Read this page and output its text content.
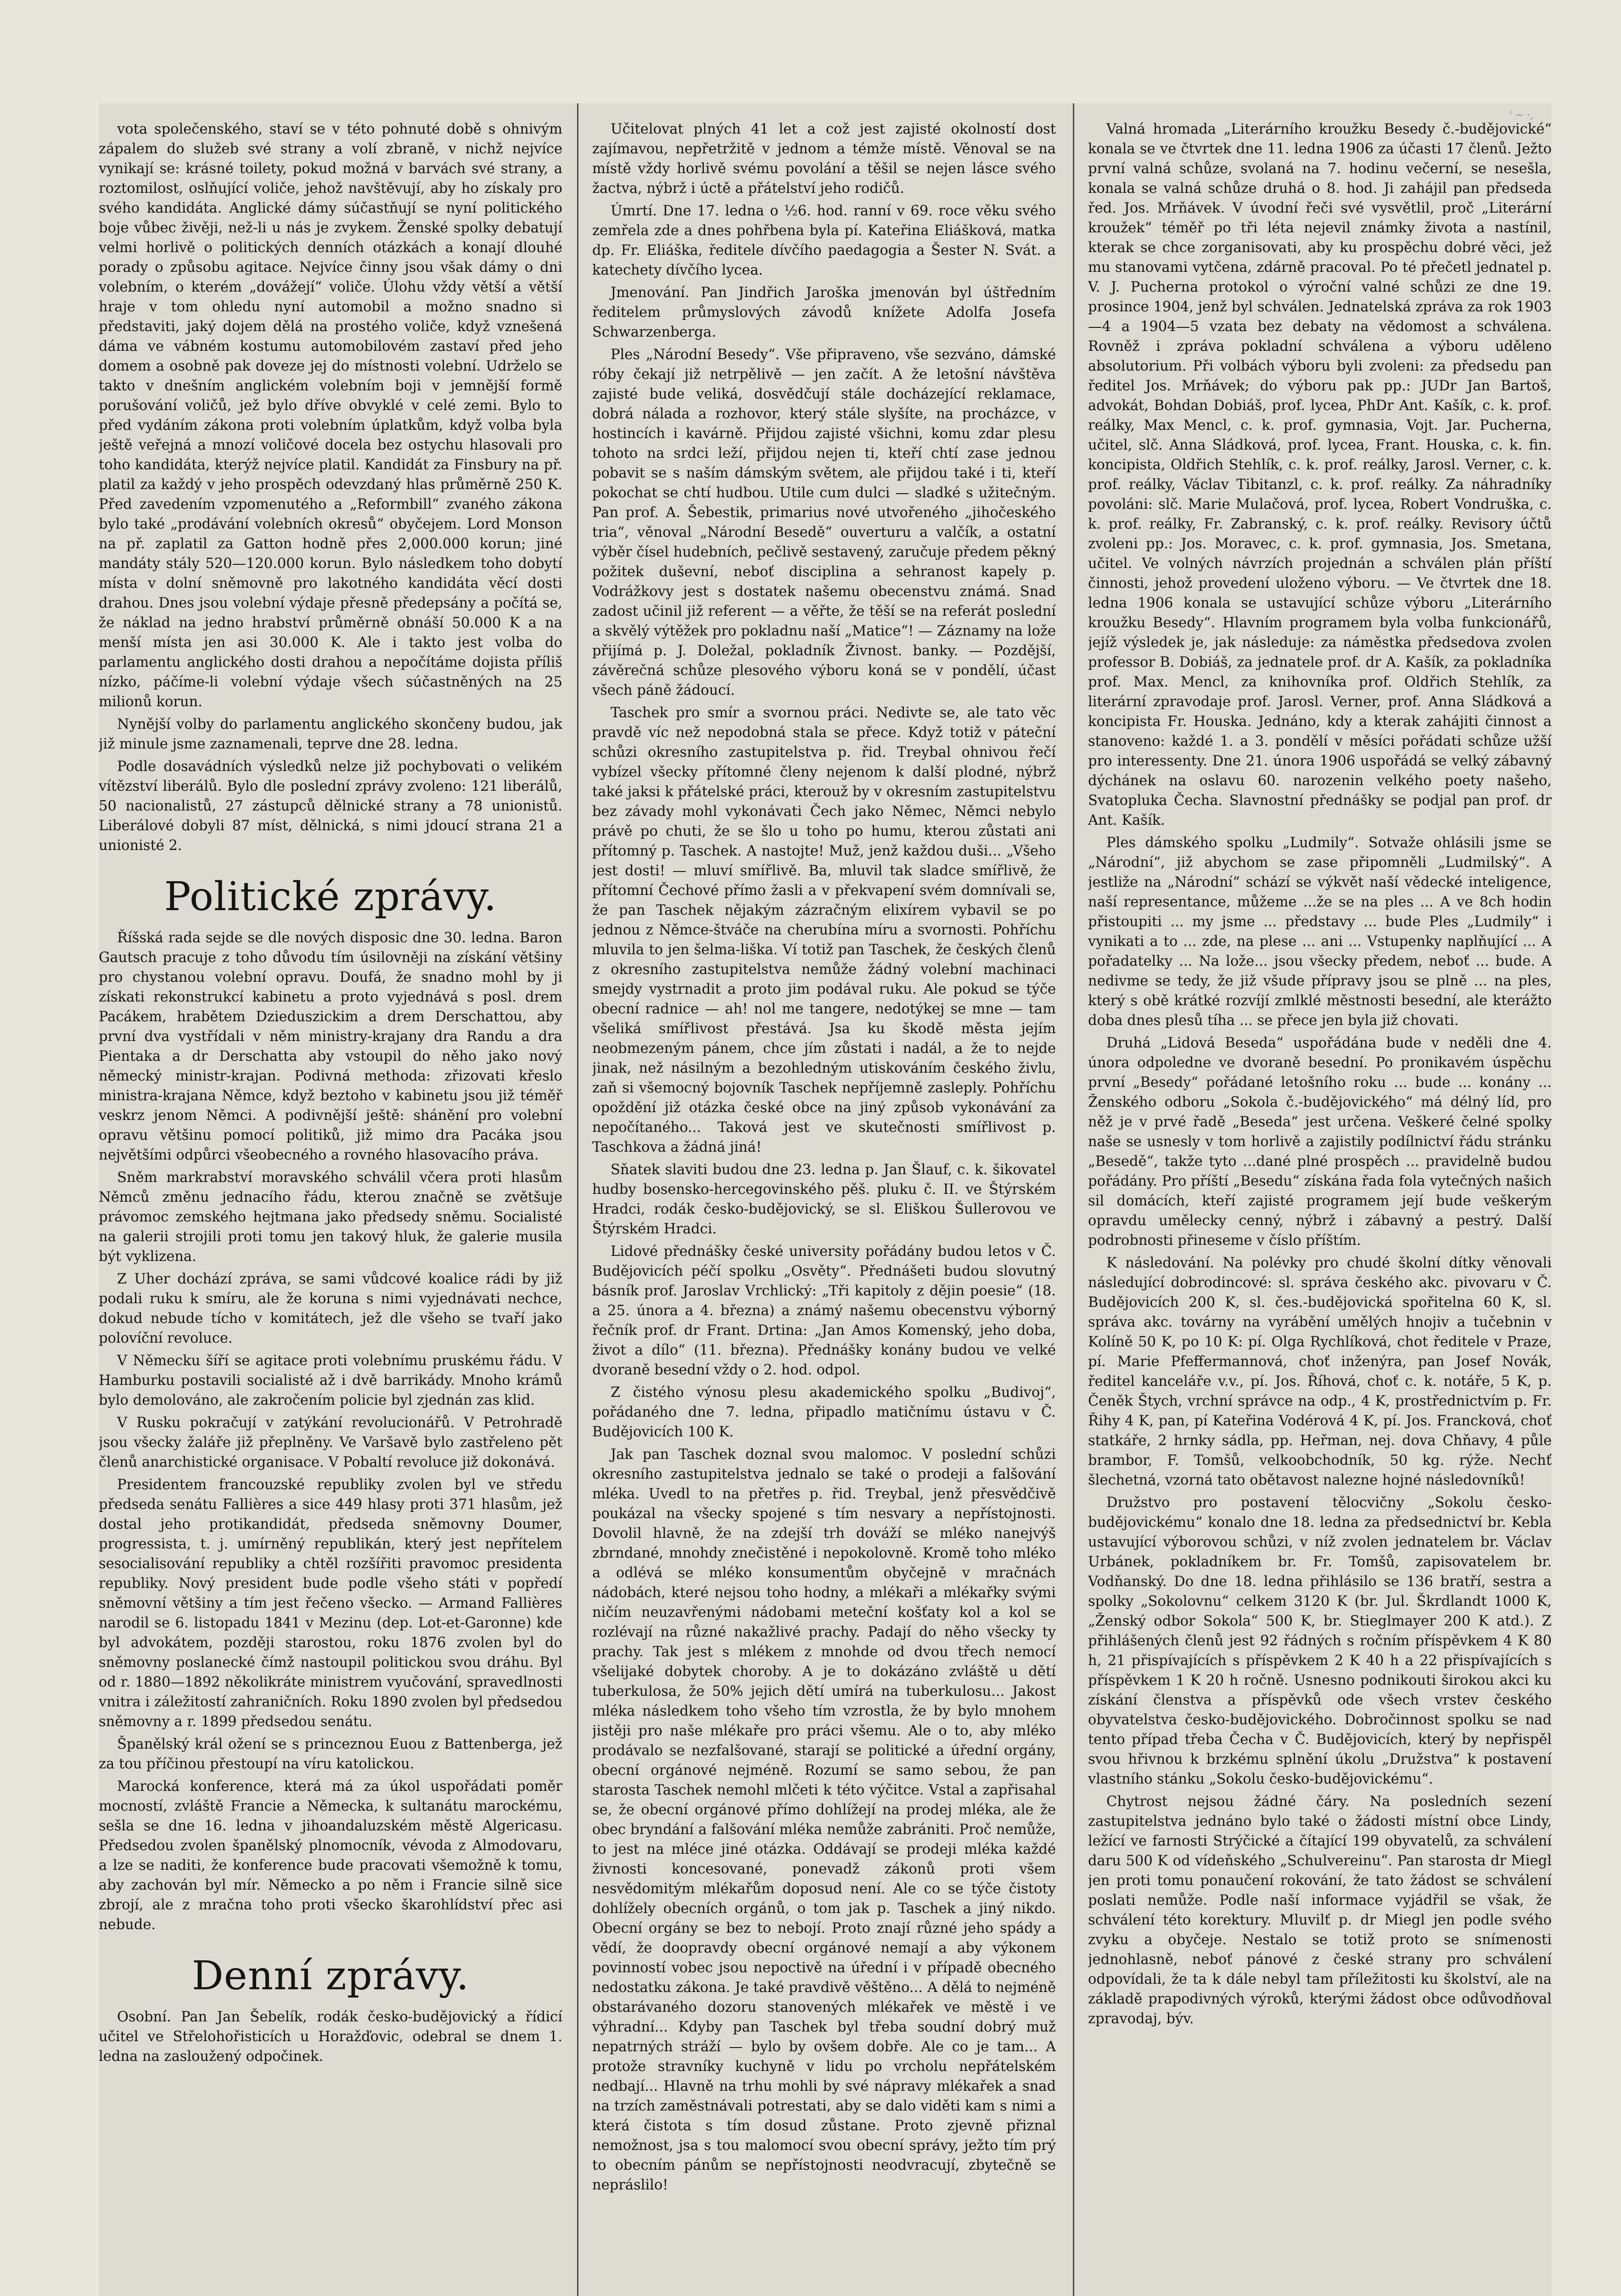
' ~ ·,

vota společenského, staví se v této pohnuté době s ohnivým zápalem do služeb své strany a volí zbraně, v nichž nejvíce vynikají se: krásné toilety, pokud možná v barvách své strany, a roztomilost, oslňující voliče, jehož navštěvují, aby ho získaly pro svého kandidáta. Anglické dámy súčastňují se nyní politického boje vůbec živěji, než-li u nás je zvykem. Ženské spolky debatují velmi horlivě o politických denních otázkách a konají dlouhé porady o způsobu agitace. Nejvíce činny jsou však dámy o dni volebním, o kterém „dovážejí“ voliče. Úlohu vždy větší a větší hraje v tom ohledu nyní automobil a možno snadno si představiti, jaký dojem dělá na prostého voliče, když vznešená dáma ve vábném kostumu automobilovém zastaví před jeho domem a osobně pak doveze jej do místnosti volební. Udrželo se takto v dnešním anglickém volebním boji v jemnější formě porušování voličů, jež bylo dříve obvyklé v celé zemi. Bylo to před vydáním zákona proti volebním úplatkům, když volba byla ještě veřejná a mnozí voličové docela bez ostychu hlasovali pro toho kandidáta, kterýž nejvíce platil. Kandidát za Finsbury na př. platil za každý v jeho prospěch odevzdaný hlas průměrně 250 K. Před zavedením vzpomenutého a „Reformbill“ zvaného zákona bylo také „prodávání volebních okresů“ obyčejem. Lord Monson na př. zaplatil za Gatton hodně přes 2,000.000 korun; jiné mandáty stály 520—120.000 korun. Bylo následkem toho dobytí místa v dolní sněmovně pro lakotného kandidáta věcí dosti drahou. Dnes jsou volební výdaje přesně předepsány a počítá se, že náklad na jedno hrabství průměrně obnáší 50.000 K a na menší místa jen asi 30.000 K. Ale i takto jest volba do parlamentu anglického dosti drahou a nepočítáme dojista příliš nízko, páčíme-li volební výdaje všech súčastněných na 25 milionů korun.

Nynější volby do parlamentu anglického skončeny budou, jak již minule jsme zaznamenali, teprve dne 28. ledna.

Podle dosavádních výsledků nelze již pochybovati o velikém vítězství liberálů. Bylo dle poslední zprávy zvoleno: 121 liberálů, 50 nacionalistů, 27 zástupců dělnické strany a 78 unionistů. Liberálové dobyli 87 míst, dělnická, s nimi jdoucí strana 21 a unionisté 2.

Politické zprávy.

Říšská rada sejde se dle nových disposic dne 30. ledna. Baron Gautsch pracuje z toho důvodu tím úsilovněji na získání většiny pro chystanou volební opravu. Doufá, že snadno mohl by ji získati rekonstrukcí kabinetu a proto vyjednává s posl. drem Pacákem, hrabětem Dzieduszickim a drem Derschattou, aby první dva vystřídali v něm ministry-krajany dra Randu a dra Pientaka a dr Derschatta aby vstoupil do něho jako nový německý ministr-krajan. Podivná methoda: zřizovati křeslo ministra-krajana Němce, když beztoho v kabinetu jsou již téměř veskrz jenom Němci. A podivnější ještě: shánění pro volební opravu většinu pomocí politiků, již mimo dra Pacáka jsou největšími odpůrci všeobecného a rovného hlasovacího práva.

Sněm markrabství moravského schválil včera proti hlasům Němců změnu jednacího řádu, kterou značně se zvětšuje právomoc zemského hejtmana jako předsedy sněmu. Socialisté na galerii strojili proti tomu jen takový hluk, že galerie musila být vyklizena.

Z Uher dochází zpráva, se sami vůdcové koalice rádi by již podali ruku k smíru, ale že koruna s nimi vyjednávati nechce, dokud nebude tícho v komitátech, jež dle všeho se tvaří jako polovíční revoluce.

V Německu šíří se agitace proti volebnímu pruskému řádu. V Hamburku postavili socialisté až i dvě barrikády. Mnoho krámů bylo demolováno, ale zakročením policie byl zjednán zas klid.

V Rusku pokračují v zatýkání revolucionářů. V Petrohradě jsou všecky žaláře již přeplněny. Ve Varšavě bylo zastřeleno pět členů anarchistické organisace. V Pobaltí revoluce již dokonává.

Presidentem francouzské republiky zvolen byl ve středu předseda senátu Fallières a sice 449 hlasy proti 371 hlasům, jež dostal jeho protikandidát, předseda sněmovny Doumer, progressista, t. j. umírněný republikán, který jest nepřítelem sesocialisování republiky a chtěl rozšířiti pravomoc presidenta republiky. Nový president bude podle všeho státi v popředí sněmovní většiny a tím jest řečeno všecko. — Armand Fallières narodil se 6. listopadu 1841 v Mezinu (dep. Lot-et-Garonne) kde byl advokátem, později starostou, roku 1876 zvolen byl do sněmovny poslanecké čímž nastoupil politickou svou dráhu. Byl od r. 1880—1892 několikráte ministrem vyučování, spravedlnosti vnitra i záležitostí zahraničních. Roku 1890 zvolen byl předsedou sněmovny a r. 1899 předsedou senátu.

Španělský král ožení se s princeznou Euou z Battenberga, jež za tou příčinou přestoupí na víru katolickou.

Marocká konference, která má za úkol uspořádati poměr mocností, zvláště Francie a Německa, k sultanátu marockému, sešla se dne 16. ledna v jihoandaluzském městě Algericasu. Předsedou zvolen španělský plnomocník, vévoda z Almodovaru, a lze se naditi, že konference bude pracovati všemožně k tomu, aby zachován byl mír. Německo a po něm i Francie silně sice zbrojí, ale z mračna toho proti všecko škarohlídství přec asi nebude.

Denní zprávy.

Osobní. Pan Jan Šebelík, rodák česko-budějovický a řídicí učitel ve Střelohořisticích u Horažďovic, odebral se dnem 1. ledna na zasloužený odpočinek.

Učitelovat plných 41 let a což jest zajisté okolností dost zajímavou, nepřetržitě v jednom a témže místě. Věnoval se na místě vždy horlivě svému povolání a těšil se nejen lásce svého žactva, nýbrž i úctě a přátelství jeho rodičů.

Úmrtí. Dne 17. ledna o ½6. hod. ranní v 69. roce věku svého zemřela zde a dnes pohřbena byla pí. Kateřina Eliášková, matka dp. Fr. Eliáška, ředitele dívčího paedagogia a Šester N. Svát. a katechety dívčího lycea.

Jmenování. Pan Jindřich Jaroška jmenován byl úštředním ředitelem průmyslových závodů knížete Adolfa Josefa Schwarzenberga.

Ples „Národní Besedy“. Vše připraveno, vše sezváno, dámské róby čekají již netrpělivě — jen začít. A že letošní návštěva zajisté bude veliká, dosvědčují stále docházející reklamace, dobrá nálada a rozhovor, který stále slyšíte, na procházce, v hostincích i kavárně. Přijdou zajisté všichni, komu zdar plesu tohoto na srdci leží, přijdou nejen ti, kteří chtí zase jednou pobavit se s naším dámským světem, ale přijdou také i ti, kteří pokochat se chtí hudbou. Utile cum dulci — sladké s užitečným. Pan prof. A. Šebestik, primarius nové utvořeného „jihočeského tria“, věnoval „Národní Besedě“ ouverturu a valčík, a ostatní výběr čísel hudebních, pečlivě sestavený, zaručuje předem pěkný požitek duševní, neboť disciplina a sehranost kapely p. Vodrážkovy jest s dostatek našemu obecenstvu známá. Snad zadost učinil již referent — a věřte, že těší se na referát poslední a skvělý výtěžek pro pokladnu naší „Matice“! — Záznamy na lože přijímá p. J. Doležal, pokladník Živnost. banky. — Pozdější, závěrečná schůze plesového výboru koná se v pondělí, účast všech páně žádoucí.

Taschek pro smír a svornou práci. Nedivte se, ale tato věc pravdě víc než nepodobná stala se přece. Když totiž v páteční schůzi okresního zastupitelstva p. řid. Treybal ohnivou řečí vybízel všecky přítomné členy nejenom k další plodné, nýbrž také jaksi k přátelské práci, kterouž by v okresním zastupitelstvu bez závady mohl vykonávati Čech jako Němec, Němci nebylo právě po chuti, že se šlo u toho po humu, kterou zůstati ani přítomný p. Taschek. A nastojte! Muž, jenž každou duši... „Všeho jest dosti! — mluví smířlivě. Ba, mluvil tak sladce smířlivě, že přítomní Čechové přímo žasli a v překvapení svém domnívali se, že pan Taschek nějakým zázračným elixírem vybavil se po jednou z Němce-štváče na cherubína míru a svornosti. Pohříchu mluvila to jen šelma-liška. Ví totiž pan Taschek, že českých členů z okresního zastupitelstva nemůže žádný volební machinaci smejdy vystrnadit a proto jim podával ruku. Ale pokud se týče obecní radnice — ah! nol me tangere, nedotýkej se mne — tam všeliká smířlivost přestává. Jsa ku škodě města jejím neobmezeným pánem, chce jím zůstati i nadál, a že to nejde jinak, než násilným a bezohledným utiskováním českého živlu, zaň si všemocný bojovník Taschek nepříjemně zasleply. Pohříchu opoždění již otázka české obce na jiný způsob vykonávání za nepočítaného... Taková jest ve skutečnosti smířlivost p. Taschkova a žádná jiná!

Sňatek slaviti budou dne 23. ledna p. Jan Šlauf, c. k. šikovatel hudby bosensko-hercegovinského pěš. pluku č. II. ve Štýrském Hradci, rodák česko-budějovický, se sl. Eliškou Šullerovou ve Štýrském Hradci.

Lidové přednášky české university pořádány budou letos v Č. Budějovicích péčí spolku „Osvěty“. Přednášeti budou slovutný básník prof. Jaroslav Vrchlický: „Tři kapitoly z dějin poesie“ (18. a 25. února a 4. března) a známý našemu obecenstvu výborný řečník prof. dr Frant. Drtina: „Jan Amos Komenský, jeho doba, život a dílo“ (11. března). Přednášky konány budou ve velké dvoraně besední vždy o 2. hod. odpol.

Z čistého výnosu plesu akademického spolku „Budivoj“, pořádaného dne 7. ledna, připadlo matičnímu ústavu v Č. Budějovicích 100 K.

Jak pan Taschek doznal svou malomoc. V poslední schůzi okresního zastupitelstva jednalo se také o prodeji a falšování mléka. Uvedl to na přetřes p. řid. Treybal, jenž přesvědčivě poukázal na všecky spojené s tím nesvary a nepřístojnosti. Dovolil hlavně, že na zdejší trh dováží se mléko nanejvýš zbrndané, mnohdy znečistěné i nepokolovně. Kromě toho mléko a odlévá se mléko konsumentům obyčejně v mračnách nádobách, které nejsou toho hodny, a mlékaři a mlékařky svými ničím neuzavřenými nádobami meteční košťaty kol a kol se rozlévají na různé nakažlivé prachy. Padají do něho všecky ty prachy. Tak jest s mlékem z mnohde od dvou třech nemocí všelijaké dobytek choroby. A je to dokázáno zvláště u dětí tuberkulosa, že 50% jejich dětí umírá na tuberkulosu... Jakost mléka následkem toho všeho tím vzrostla, že by bylo mnohem jistěji pro naše mlékaře pro práci všemu. Ale o to, aby mléko prodávalo se nezfalšované, starají se politické a úřední orgány, obecní orgánové nejméně. Rozumí se samo sebou, že pan starosta Taschek nemohl mlčeti k této výčitce. Vstal a zapřisahal se, že obecní orgánové přímo dohlížejí na prodej mléka, ale že obec bryndání a falšování mléka nemůže zabrániti. Proč nemůže, to jest na mléce jiné otázka. Oddávají se prodeji mléka každé živnosti koncesované, ponevadž zákonů proti všem nesvědomitým mlékařům doposud není. Ale co se týče čistoty dohlížely obecních orgánů, o tom jak p. Taschek a jiný nikdo. Obecní orgány se bez to nebojí. Proto znají různé jeho spády a vědí, že doopravdy obecní orgánové nemají a aby výkonem povinností vobec jsou nepoctivě na úřední i v případě obecného nedostatku zákona. Je také pravdivě věštěno... A dělá to nejméně obstarávaného dozoru stanovených mlékařek ve městě i ve výhradní... Kdyby pan Taschek byl třeba soudní dobrý muž nepatrných stráží — bylo by ovšem dobře. Ale co je tam... A protože stravníky kuchyně v lidu po vrcholu nepřátelském nedbají... Hlavně na trhu mohli by své nápravy mlékařek a snad na trzích zaměstnávali potrestati, aby se dalo viděti kam s nimi a která čistota s tím dosud zůstane. Proto zjevně přiznal nemožnost, jsa s tou malomocí svou obecní správy, ježto tím prý to obecním pánům se nepřístojnosti neodvracují, zbytečně se nepráslilo!

Valná hromada „Literárního kroužku Besedy č.-budějovické“ konala se ve čtvrtek dne 11. ledna 1906 za účasti 17 členů. Ježto první valná schůze, svolaná na 7. hodinu večerní, se nesešla, konala se valná schůze druhá o 8. hod. Ji zahájil pan předseda řed. Jos. Mrňávek. V úvodní řeči své vysvětlil, proč „Literární kroužek“ téměř po tři léta nejevil známky života a nastínil, kterak se chce zorganisovati, aby ku prospěchu dobré věci, jež mu stanovami vytčena, zdárně pracoval. Po té přečetl jednatel p. V. J. Pucherna protokol o výroční valné schůzi ze dne 19. prosince 1904, jenž byl schválen. Jednatelská zpráva za rok 1903—4 a 1904—5 vzata bez debaty na vědomost a schválena. Rovněž i zpráva pokladní schválena a výboru uděleno absolutorium. Při volbách výboru byli zvoleni: za předsedu pan ředitel Jos. Mrňávek; do výboru pak pp.: JUDr Jan Bartoš, advokát, Bohdan Dobiáš, prof. lycea, PhDr Ant. Kašík, c. k. prof. reálky, Max Mencl, c. k. prof. gymnasia, Vojt. Jar. Pucherna, učitel, slč. Anna Sládková, prof. lycea, Frant. Houska, c. k. fin. koncipista, Oldřich Stehlík, c. k. prof. reálky, Jarosl. Verner, c. k. prof. reálky, Václav Tibitanzl, c. k. prof. reálky. Za náhradníky povoláni: slč. Marie Mulačová, prof. lycea, Robert Vondruška, c. k. prof. reálky, Fr. Zabranský, c. k. prof. reálky. Revisory účtů zvoleni pp.: Jos. Moravec, c. k. prof. gymnasia, Jos. Smetana, učitel. Ve volných návrzích projednán a schválen plán příští činnosti, jehož provedení uloženo výboru. — Ve čtvrtek dne 18. ledna 1906 konala se ustavující schůze výboru „Literárního kroužku Besedy“. Hlavním programem byla volba funkcionářů, jejíž výsledek je, jak následuje: za náměstka předsedova zvolen professor B. Dobiáš, za jednatele prof. dr A. Kašík, za pokladníka prof. Max. Mencl, za knihovníka prof. Oldřich Stehlík, za literární zpravodaje prof. Jarosl. Verner, prof. Anna Sládková a koncipista Fr. Houska. Jednáno, kdy a kterak zahájiti činnost a stanoveno: každé 1. a 3. pondělí v měsíci pořádati schůze užší pro interessenty. Dne 21. února 1906 uspořádá se velký zábavný dýchánek na oslavu 60. narozenin velkého poety našeho, Svatopluka Čecha. Slavnostní přednášky se podjal pan prof. dr Ant. Kašík.

Ples dámského spolku „Ludmily“. Sotvaže ohlásili jsme se „Národní“, již abychom se zase připomněli „Ludmilský“. A jestliže na „Národní“ schází se výkvět naší vědecké inteligence, naší representance, můžeme ...že se na ples ... A ve 8ch hodin přistoupiti ... my jsme ... představy ... bude Ples „Ludmily“ i vynikati a to ... zde, na plese ... ani ... Vstupenky naplňující ... A pořadatelky ... Na lože... jsou všecky předem, neboť ... bude. A nedivme se tedy, že již všude přípravy jsou se plně ... na ples, který s obě krátké rozvíjí zmlklé městnosti besední, ale kterážto doba dnes plesů tíha ... se přece jen byla již chovati.

Druhá „Lidová Beseda“ uspořádána bude v neděli dne 4. února odpoledne ve dvoraně besední. Po pronikavém úspěchu první „Besedy“ pořádané letošního roku ... bude ... konány ... Ženského odboru „Sokola č.-budějovického“ má délný líd, pro něž je v prvé řadě „Beseda“ jest určena. Veškeré čelné spolky naše se usnesly v tom horlivě a zajistily podílnictví řádu stránku „Besedě“, takže tyto ...dané plné prospěch ... pravidelně budou pořádány. Pro příští „Besedu“ získána řada fola vytečných našich sil domácích, kteří zajisté programem její bude veškerým opravdu umělecky cenný, nýbrž i zábavný a pestrý. Další podrobnosti přineseme v číslo příštím.

K následování. Na polévky pro chudé školní dítky věnovali následující dobrodincové: sl. správa českého akc. pivovaru v Č. Budějovicích 200 K, sl. čes.-budějovická spořitelna 60 K, sl. správa akc. továrny na vyrábění umělých hnojiv a tučebnin v Kolíně 50 K, po 10 K: pí. Olga Rychlíková, chot ředitele v Praze, pí. Marie Pfeffermannová, choť inženýra, pan Josef Novák, ředitel kanceláře v.v., pí. Jos. Říhová, choť c. k. notáře, 5 K, p. Čeněk Štych, vrchní správce na odp., 4 K, prostřednictvím p. Fr. Řihy 4 K, pan, pí Kateřina Vodérová 4 K, pí. Jos. Francková, choť statkáře, 2 hrnky sádla, pp. Heřman, nej. dova Chňavy, 4 půle brambor, F. Tomšů, velkoobchodník, 50 kg. rýže. Nechť šlechetná, vzorná tato obětavost nalezne hojné následovníků!

Družstvo pro postavení tělocvičny „Sokolu česko-budějovickému“ konalo dne 18. ledna za předsednictví br. Kebla ustavující výborovou schůzi, v níž zvolen jednatelem br. Václav Urbánek, pokladníkem br. Fr. Tomšů, zapisovatelem br. Vodňanský. Do dne 18. ledna přihlásilo se 136 bratří, sestra a spolky „Sokolovnu“ celkem 3120 K (br. Jul. Škrdlandt 1000 K, „Ženský odbor Sokola“ 500 K, br. Stieglmayer 200 K atd.). Z přihlášených členů jest 92 řádných s ročním příspěvkem 4 K 80 h, 21 přispívajících s příspěvkem 2 K 40 h a 22 přispívajících s příspěvkem 1 K 20 h ročně. Usnesno podnikouti širokou akci ku získání členstva a příspěvků ode všech vrstev českého obyvatelstva česko-budějovického. Dobročinnost spolku se nad tento případ třeba Čecha v Č. Budějovicích, který by nepřispěl svou hřivnou k brzkému splnění úkolu „Družstva“ k postavení vlastního stánku „Sokolu česko-budějovickému“.

Chytrost nejsou žádné čáry. Na posledních sezení zastupitelstva jednáno bylo také o žádosti místní obce Lindy, ležící ve farnosti Strýčické a čítající 199 obyvatelů, za schválení daru 500 K od vídeňského „Schulvereinu“. Pan starosta dr Miegl jen proti tomu ponaučení rokování, že tato žádost se schválení poslati nemůže. Podle naší informace vyjádřil se však, že schválení této korektury. Mluvilť p. dr Miegl jen podle svého zvyku a obyčeje. Nestalo se totiž proto se snímenosti jednohlasně, neboť pánové z české strany pro schválení odpovídali, že ta k dále nebyl tam příležitosti ku školství, ale na základě prapodivných výroků, kterými žádost obce odůvodňoval zpravodaj, býv.
